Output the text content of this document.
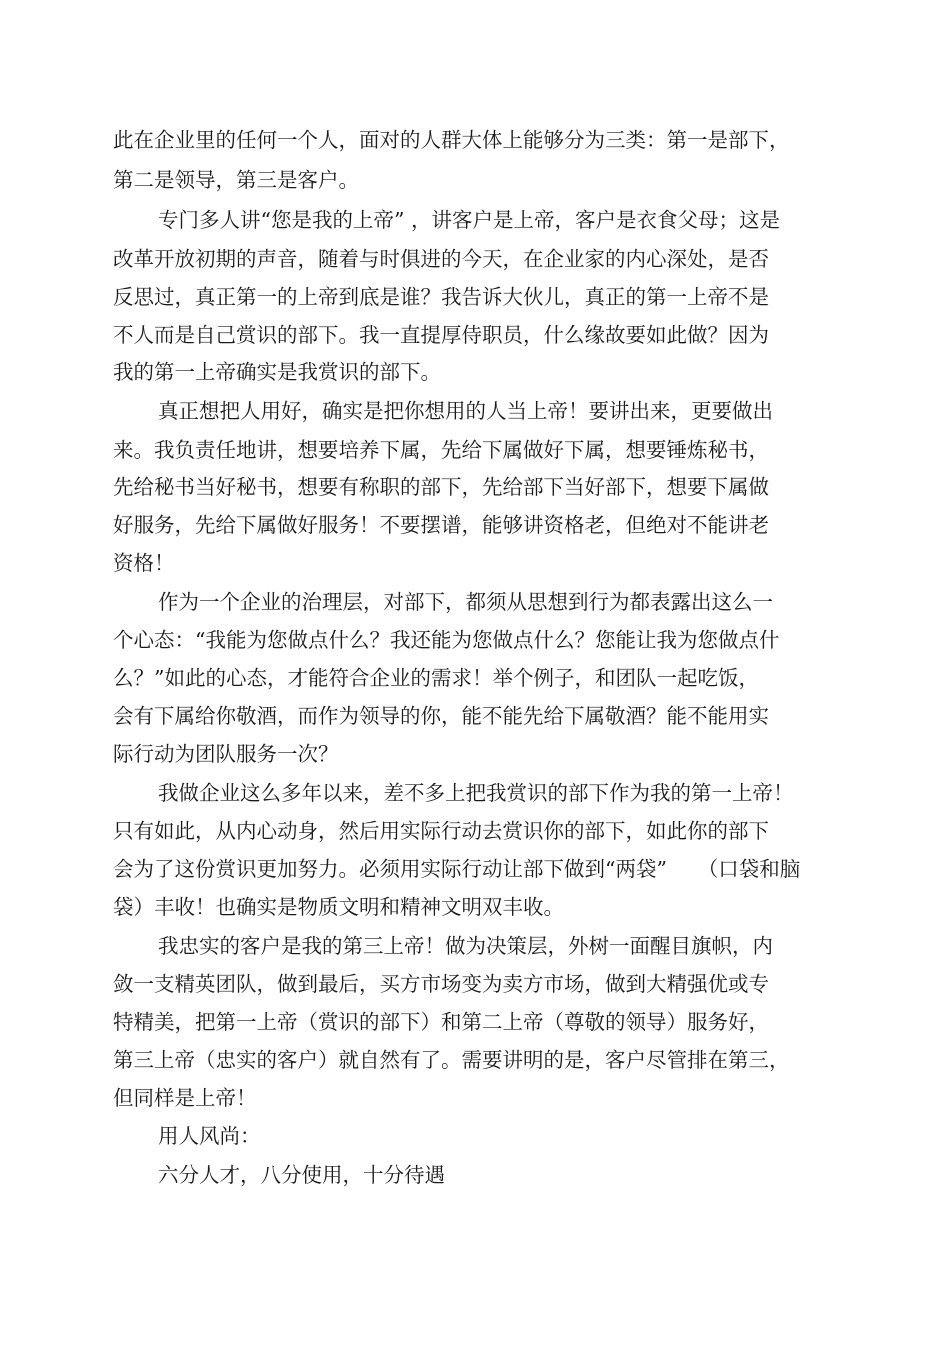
此在企业里的任何一个人，面对的人群大体上能够分为三类：第一是部下，
第二是领导，第三是客户。
专门多人讲“您是我的上帝” ，讲客户是上帝，客户是衣食父母；这是
改革开放初期的声音，随着与时俱进的今天，在企业家的内心深处，是否
反思过，真正第一的上帝到底是谁？我告诉大伙儿，真正的第一上帝不是
不人而是自己赏识的部下。我一直提厚侍职员，什么缘故要如此做？因为
我的第一上帝确实是我赏识的部下。
真正想把人用好，确实是把你想用的人当上帝！要讲出来，更要做出
来。我负责任地讲，想要培养下属，先给下属做好下属，想要锤炼秘书，
先给秘书当好秘书，想要有称职的部下，先给部下当好部下，想要下属做
好服务，先给下属做好服务！不要摆谱，能够讲资格老，但绝对不能讲老
资格！
作为一个企业的治理层，对部下，都须从思想到行为都表露出这么一
个心态：“我能为您做点什么？我还能为您做点什么？您能让我为您做点什
么？”如此的心态，才能符合企业的需求！举个例子，和团队一起吃饭，
会有下属给你敬酒，而作为领导的你，能不能先给下属敬酒？能不能用实
际行动为团队服务一次？
我做企业这么多年以来，差不多上把我赏识的部下作为我的第一上帝！
只有如此，从内心动身，然后用实际行动去赏识你的部下，如此你的部下
会为了这份赏识更加努力。必须用实际行动让部下做到“两袋”　　（口袋和脑
袋）丰收！也确实是物质文明和精神文明双丰收。
我忠实的客户是我的第三上帝！做为决策层，外树一面醒目旗帜，内
敛一支精英团队，做到最后，买方市场变为卖方市场，做到大精强优或专
特精美，把第一上帝（赏识的部下）和第二上帝（尊敬的领导）服务好，
第三上帝（忠实的客户）就自然有了。需要讲明的是，客户尽管排在第三，
但同样是上帝！
用人风尚：
六分人才，八分使用，十分待遇
